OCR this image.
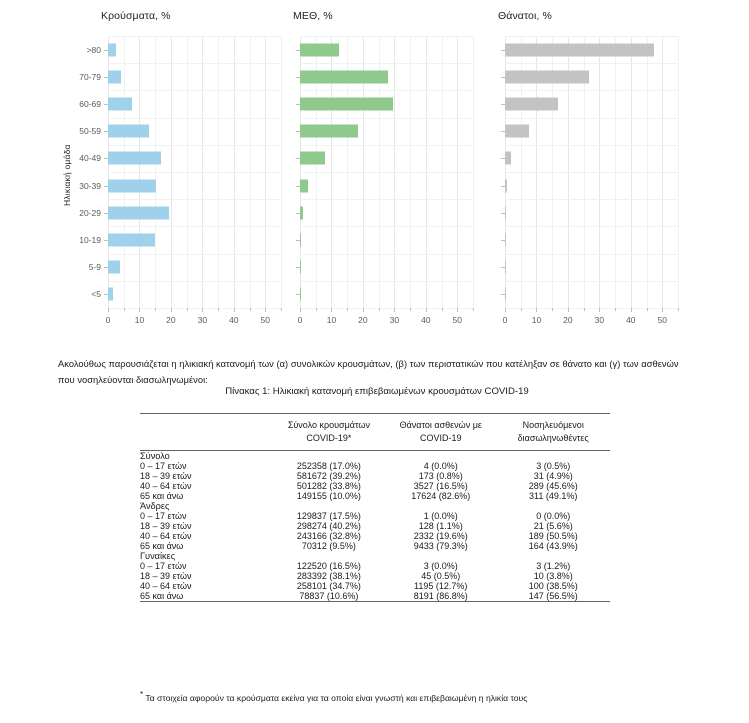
Κρούσματα, %
Ηλικιακή ομάδα
>80
70-79
60-69
50-59
40-49
30-39
20-29
10-19
5-9
<5
0	10	20	30	40	50
ΜΕΘ, %
0	10	20	30	40	50
Θάνατοι, %
0	10	20	30	40	50

Ακολούθως παρουσιάζεται η ηλικιακή κατανομή των (α) συνολικών κρουσμάτων, (β) των περιστατικών που κατέληξαν σε θάνατο και (γ) των ασθενών που νοσηλεύονται διασωληνωμένοι:

Πίνακας 1: Ηλικιακή κατανομή επιβεβαιωμένων κρουσμάτων COVID-19

Σύνολο κρουσμάτων
COVID-19*

Θάνατοι ασθενών με
COVID-19

Νοσηλευόμενοι
διασωληνωθέντες

Σύνολο			
0 – 17 ετών	252358 (17.0%)	4 (0.0%)	3 (0.5%)
18 – 39 ετών	581672 (39.2%)	173 (0.8%)	31 (4.9%)
40 – 64 ετών	501282 (33.8%)	3527 (16.5%)	289 (45.6%)
65 και άνω	149155 (10.0%)	17624 (82.6%)	311 (49.1%)
Άνδρες			
0 – 17 ετών	129837 (17.5%)	1 (0.0%)	0 (0.0%)
18 – 39 ετών	298274 (40.2%)	128 (1.1%)	21 (5.6%)
40 – 64 ετών	243166 (32.8%)	2332 (19.6%)	189 (50.5%)
65 και άνω	70312 (9.5%)	9433 (79.3%)	164 (43.9%)
Γυναίκες			
0 – 17 ετών	122520 (16.5%)	3 (0.0%)	3 (1.2%)
18 – 39 ετών	283392 (38.1%)	45 (0.5%)	10 (3.8%)
40 – 64 ετών	258101 (34.7%)	1195 (12.7%)	100 (38.5%)
65 και άνω	78837 (10.6%)	8191 (86.8%)	147 (56.5%)

* Τα στοιχεία αφορούν τα κρούσματα εκείνα για τα οποία είναι γνωστή και επιβεβαιωμένη η ηλικία τους
